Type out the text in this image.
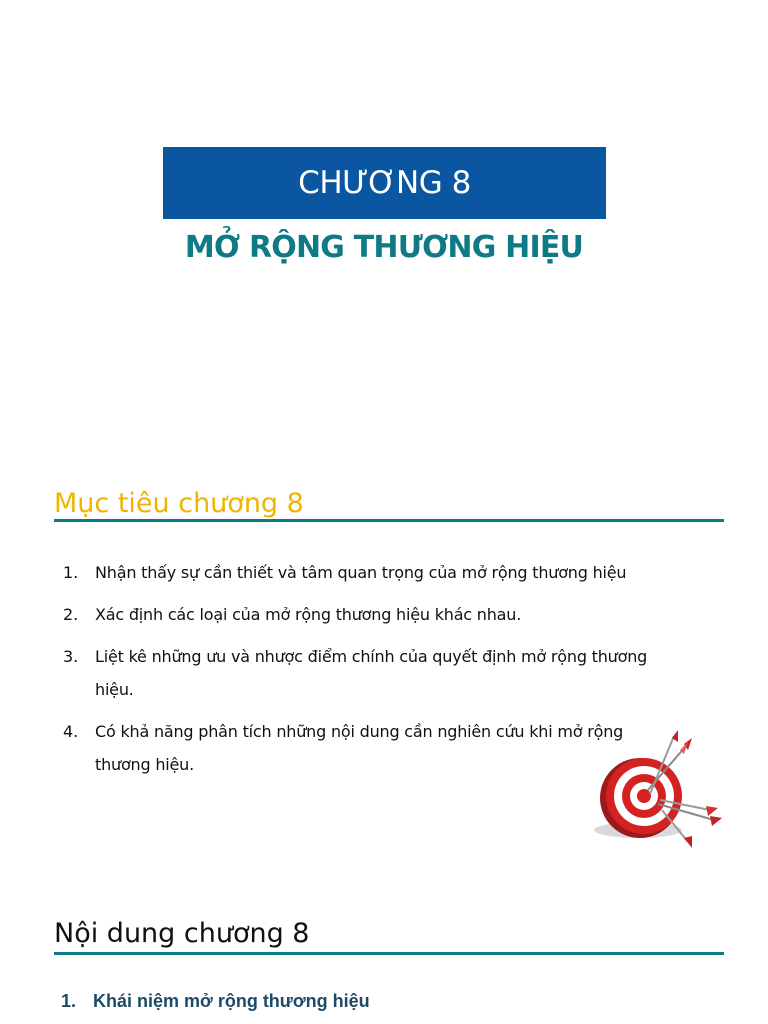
CHƯƠNG 8
MỞ RỘNG THƯƠNG HIỆU
Mục tiêu chương 8
1.	Nhận thấy sự cần thiết và tâm quan trọng của mở rộng thương hiệu
2.	Xác định các loại của mở rộng thương hiệu khác nhau.
3.	Liệt kê những ưu và nhược điểm chính của quyết định mở rộng thương hiệu.
4.	Có khả năng phân tích những nội dung cần nghiên cứu khi mở rộng thương hiệu.
Nội dung chương 8
1. Khái niệm mở rộng thương hiệu
